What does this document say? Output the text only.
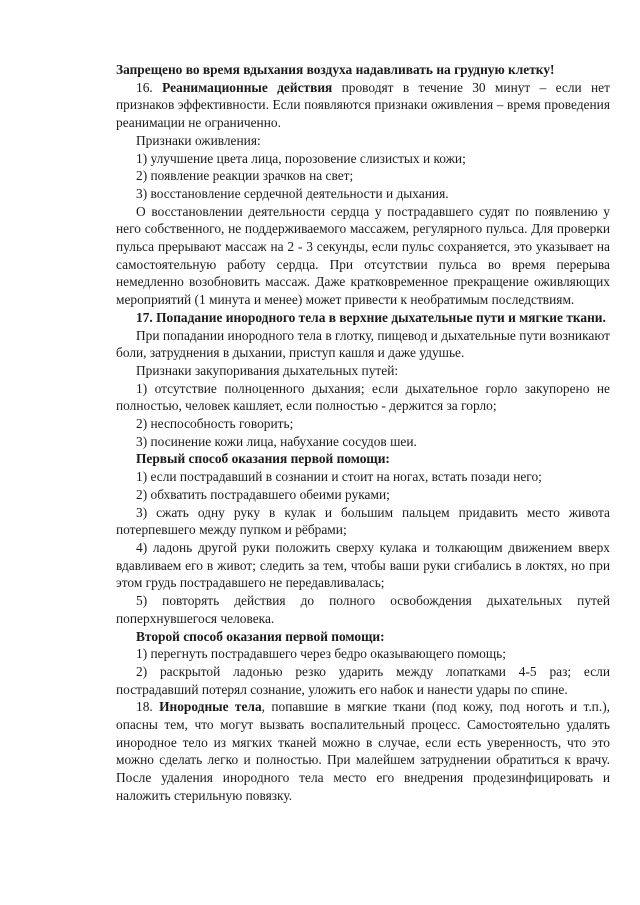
Запрещено во время вдыхания воздуха надавливать на грудную клетку!

16. Реанимационные действия проводят в течение 30 минут – если нет признаков эффективности. Если появляются признаки оживления – время проведения реанимации не ограниченно.

Признаки оживления:

1) улучшение цвета лица, порозовение слизистых и кожи;

2) появление реакции зрачков на свет;

3) восстановление сердечной деятельности и дыхания.

О восстановлении деятельности сердца у пострадавшего судят по появлению у него собственного, не поддерживаемого массажем, регулярного пульса. Для проверки пульса прерывают массаж на 2 - 3 секунды, если пульс сохраняется, это указывает на самостоятельную работу сердца. При отсутствии пульса во время перерыва немедленно возобновить массаж. Даже кратковременное прекращение оживляющих мероприятий (1 минута и менее) может привести к необратимым последствиям.

17. Попадание инородного тела в верхние дыхательные пути и мягкие ткани.

При попадании инородного тела в глотку, пищевод и дыхательные пути возникают боли, затруднения в дыхании, приступ кашля и даже удушье.

Признаки закупоривания дыхательных путей:

1) отсутствие полноценного дыхания; если дыхательное горло закупорено не полностью, человек кашляет, если полностью - держится за горло;

2) неспособность говорить;

3) посинение кожи лица, набухание сосудов шеи.

Первый способ оказания первой помощи:

1) если пострадавший в сознании и стоит на ногах, встать позади него;

2) обхватить пострадавшего обеими руками;

3) сжать одну руку в кулак и большим пальцем придавить место живота потерпевшего между пупком и рёбрами;

4) ладонь другой руки положить сверху кулака и толкающим движением вверх вдавливаем его в живот; следить за тем, чтобы ваши руки сгибались в локтях, но при этом грудь пострадавшего не передавливалась;

5) повторять действия до полного освобождения дыхательных путей поперхнувшегося человека.

Второй способ оказания первой помощи:

1) перегнуть пострадавшего через бедро оказывающего помощь;

2) раскрытой ладонью резко ударить между лопатками 4-5 раз; если пострадавший потерял сознание, уложить его набок и нанести удары по спине.

18. Инородные тела, попавшие в мягкие ткани (под кожу, под ноготь и т.п.), опасны тем, что могут вызвать воспалительный процесс. Самостоятельно удалять инородное тело из мягких тканей можно в случае, если есть уверенность, что это можно сделать легко и полностью. При малейшем затруднении обратиться к врачу. После удаления инородного тела место его внедрения продезинфицировать и наложить стерильную повязку.
